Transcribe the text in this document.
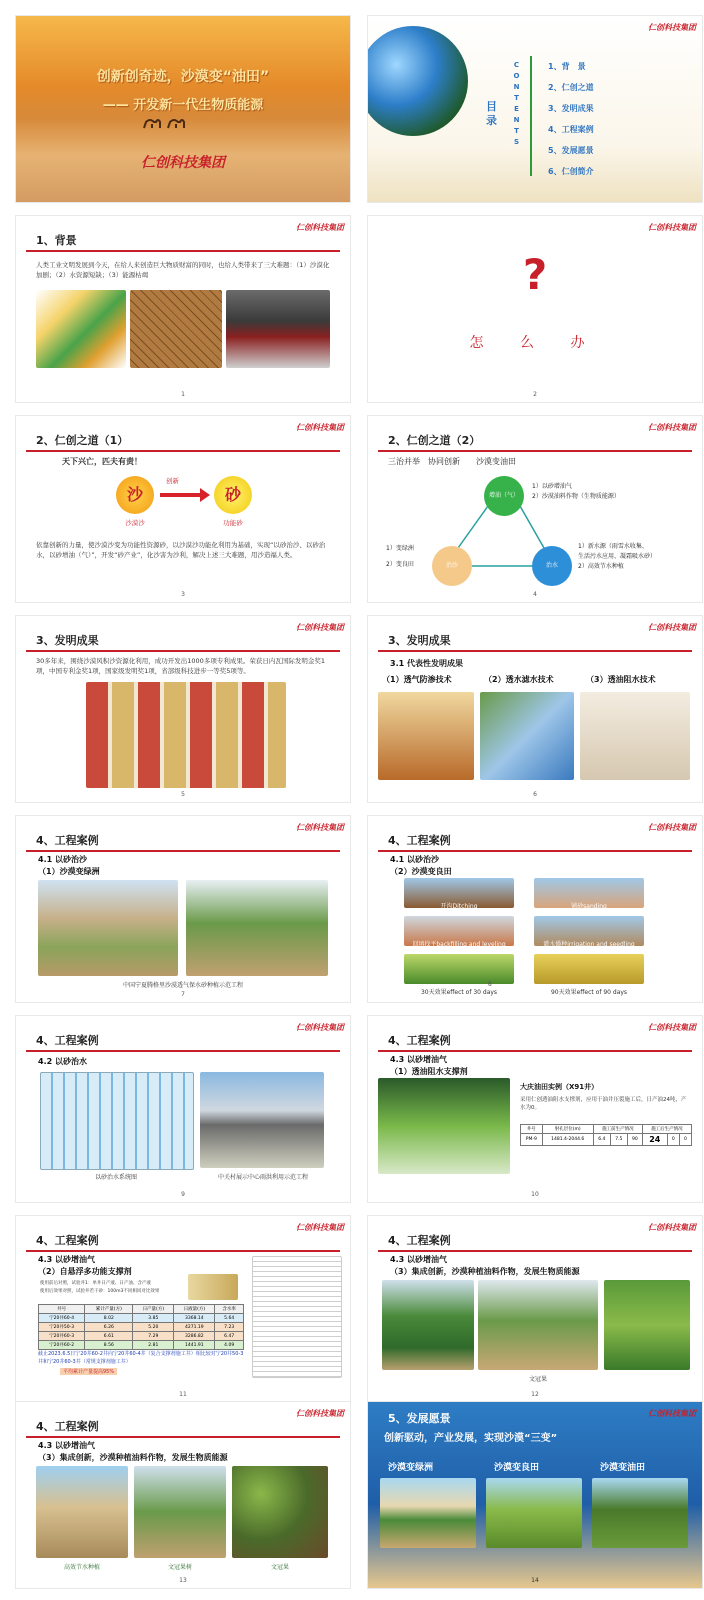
创新创奇迹，沙漠变“油田”
—— 开发新一代生物质能源
仁创科技集团
仁创科技集团
目录
CONTENTS
1、背　景
2、仁创之道
3、发明成果
4、工程案例
5、发展愿景
6、仁创简介
仁创科技集团
1、背景
人类工业文明发展到今天，在给人来创造巨大物质财富的同时，也给人类带来了三大难题：（1）沙漠化加剧；（2）水资源短缺；（3）能源枯竭
1
仁创科技集团
?
怎 么 办
2
仁创科技集团
2、仁创之道（1）
天下兴亡，匹夫有责！
沙
创新
砂
沙漠沙	功能砂
依靠创新的力量，使沙漠沙变为功能性资源砂，以沙漠沙功能化利用为基础，实现“以砂治沙、以砂治水，以砂增油（气）”，开发“砂产业”，化沙害为沙利，解决上述三大难题，用沙造福人类。
3
仁创科技集团
2、仁创之道（2）
三治并举　协同创新　　沙漠变油田
增油（气）
治沙	治水
1）以砂增油气
2）沙漠油料作物（生物质能源）
1）变绿洲
2）变良田
1）新水源（雨雪水收集、
生活污水应用、凝霜吸水砂）
2）高效节水种植
4
仁创科技集团
3、发明成果
30多年来，围绕沙漠风积沙资源化利用，成功开发出1000多项专利成果。荣获日内瓦国际发明金奖1项，中国专利金奖1项，国家级发明奖1项，省部级科技进步一等奖5项等。
5
仁创科技集团
3、发明成果
3.1 代表性发明成果
（1）透气防渗技术	（2）透水滤水技术	（3）透油阻水技术
6
仁创科技集团
4、工程案例
4.1 以砂治沙
（1）沙漠变绿洲
中国宁夏腾格里沙漠透气保水砂种植示范工程
7
仁创科技集团
4、工程案例
4.1 以砂治沙
（2）沙漠变良田
开沟Ditching	铺砂sanding
回填找平backfilling and leveling	灌水播种irrigation and seedling
30天效果effect of 30 days	90天效果effect of 90 days
8
仁创科技集团
4、工程案例
4.2 以砂治水
以砂治水系统图	中关村展示中心雨洪利用示范工程
9
仁创科技集团
4、工程案例
4.3 以砂增油气
（1）透油阻水支撑剂
大庆油田实例（X91井）
采用仁创透油阻水支撑剂，应用于油井压裂施工后，日产油24吨，产水为0。
井号	射孔层位(m)	施工前生产情况			施工后生产情况		
PM-9	1481.4-2044.6	6.4	7.5	90	24	0	0
10
仁创科技集团
4、工程案例
4.3 以砂增油气
（2）自悬浮多功能支撑剂
使用前后对照，试验井1：单井日产液、日产油、含产液
使用后效果对照，试验井若干砂：100m3不同相同对比效果
井号	累计产量(方)	日产量(方)	日液量(方)	含水率
宁20井60-4	8.02	3.85	3368.14	5.64
宁20井50-3	6.26	5.20	4271.19	7.23
宁20井60-3	6.61	7.29	3286.82	6.47
宁20井60-2	8.56	2.81	1441.91	4.09
截止2023.6.5日宁20井60-2井向宁20井60-4井（复合支撑剂施工井）相比较对宁20井50-3井和宁20井60-3井（常规支撑剂施工井）
平均累计产量提高95%
11
仁创科技集团
4、工程案例
4.3 以砂增油气
（3）集成创新，沙漠种植油料作物，发展生物质能源
文冠果
12
仁创科技集团
4、工程案例
4.3 以砂增油气
（3）集成创新，沙漠种植油料作物，发展生物质能源
高效节水种植	文冠果树	文冠果
13
仁创科技集团
5、发展愿景
创新驱动，产业发展，实现沙漠“三变”
沙漠变绿洲	沙漠变良田	沙漠变油田
14
